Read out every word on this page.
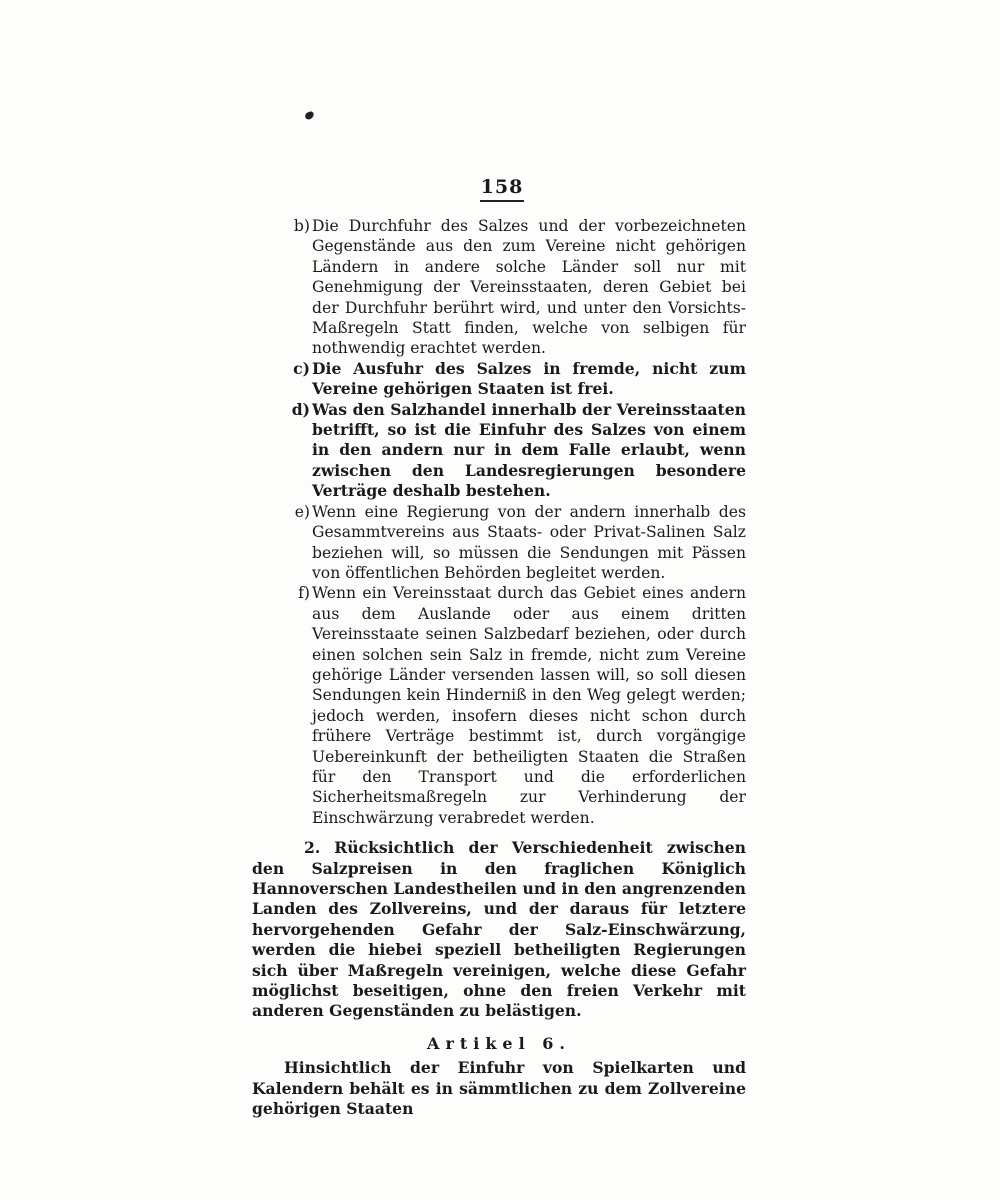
158
b) Die Durchfuhr des Salzes und der vorbezeichneten Gegenstände aus den zum Vereine nicht gehörigen Ländern in andere solche Länder soll nur mit Genehmigung der Vereinsstaaten, deren Gebiet bei der Durchfuhr berührt wird, und unter den Vorsichts-Maßregeln Statt finden, welche von selbigen für nothwendig erachtet werden.
c) Die Ausfuhr des Salzes in fremde, nicht zum Vereine gehörigen Staaten ist frei.
d) Was den Salzhandel innerhalb der Vereinsstaaten betrifft, so ist die Einfuhr des Salzes von einem in den andern nur in dem Falle erlaubt, wenn zwischen den Landesregierungen besondere Verträge deshalb bestehen.
e) Wenn eine Regierung von der andern innerhalb des Gesammtvereins aus Staats- oder Privat-Salinen Salz beziehen will, so müssen die Sendungen mit Pässen von öffentlichen Behörden begleitet werden.
f) Wenn ein Vereinsstaat durch das Gebiet eines andern aus dem Auslande oder aus einem dritten Vereinsstaate seinen Salzbedarf beziehen, oder durch einen solchen sein Salz in fremde, nicht zum Vereine gehörige Länder versenden lassen will, so soll diesen Sendungen kein Hinderniß in den Weg gelegt werden; jedoch werden, insofern dieses nicht schon durch frühere Verträge bestimmt ist, durch vorgängige Uebereinkunft der betheiligten Staaten die Straßen für den Transport und die erforderlichen Sicherheitsmaßregeln zur Verhinderung der Einschwärzung verabredet werden.
2. Rücksichtlich der Verschiedenheit zwischen den Salzpreisen in den fraglichen Königlich Hannoverschen Landestheilen und in den angrenzenden Landen des Zollvereins, und der daraus für letztere hervorgehenden Gefahr der Salz-Einschwärzung, werden die hiebei speziell betheiligten Regierungen sich über Maßregeln vereinigen, welche diese Gefahr möglichst beseitigen, ohne den freien Verkehr mit anderen Gegenständen zu belästigen.
Artikel 6.
Hinsichtlich der Einfuhr von Spielkarten und Kalendern behält es in sämmtlichen zu dem Zollvereine gehörigen Staaten
